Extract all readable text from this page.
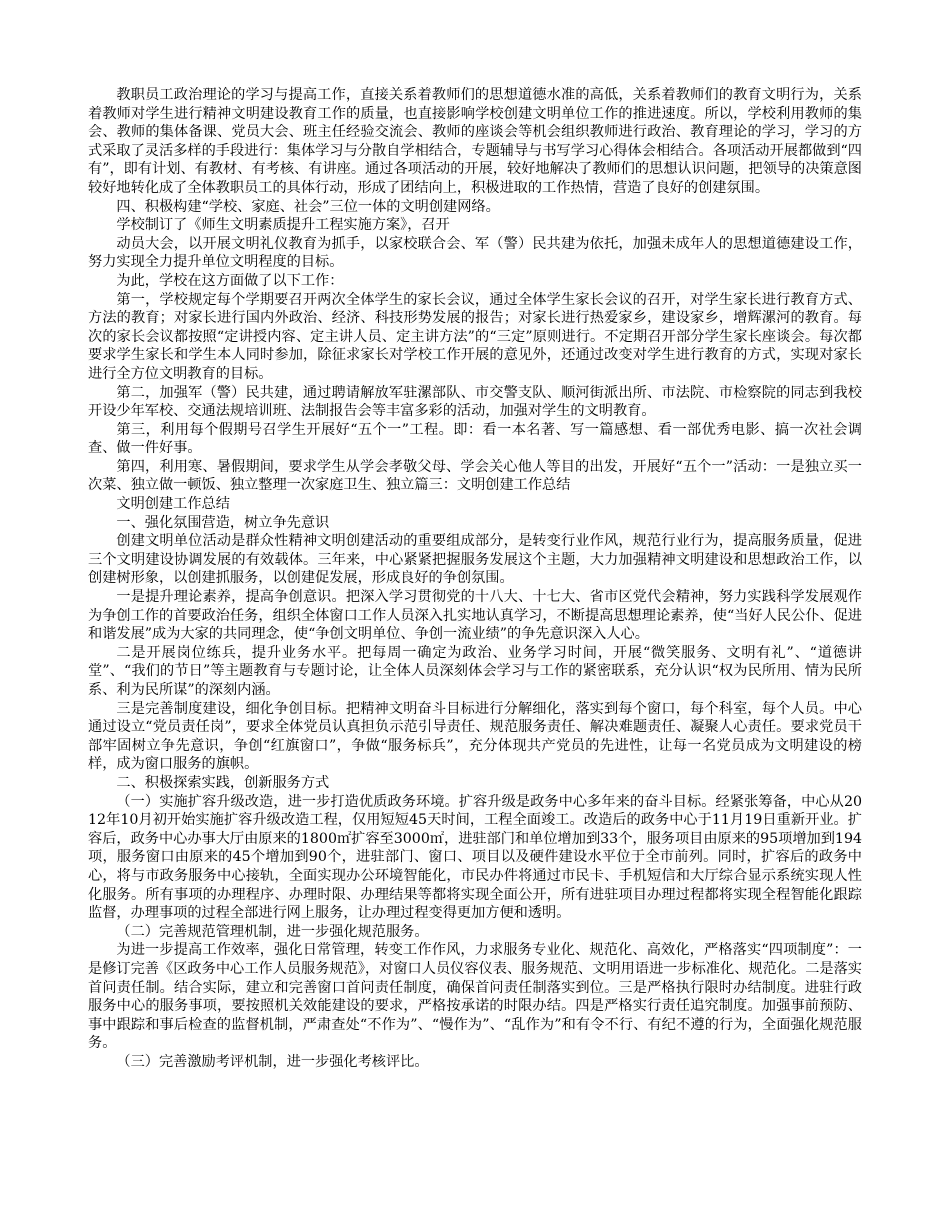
教职员工政治理论的学习与提高工作，直接关系着教师们的思想道德水准的高低，关系着教师们的教育文明行为，关系着教师对学生进行精神文明建设教育工作的质量，也直接影响学校创建文明单位工作的推进速度。所以，学校利用教师的集会、教师的集体备课、党员大会、班主任经验交流会、教师的座谈会等机会组织教师进行政治、教育理论的学习，学习的方式采取了灵活多样的手段进行：集体学习与分散自学相结合，专题辅导与书写学习心得体会相结合。各项活动开展都做到“四有”，即有计划、有教材、有考核、有讲座。通过各项活动的开展，较好地解决了教师们的思想认识问题，把领导的决策意图较好地转化成了全体教职员工的具体行动，形成了团结向上，积极进取的工作热情，营造了良好的创建氛围。

四、积极构建“学校、家庭、社会”三位一体的文明创建网络。

学校制订了《师生文明素质提升工程实施方案》，召开

动员大会，以开展文明礼仪教育为抓手，以家校联合会、军（警）民共建为依托，加强未成年人的思想道德建设工作，努力实现全力提升单位文明程度的目标。

为此，学校在这方面做了以下工作：

第一，学校规定每个学期要召开两次全体学生的家长会议，通过全体学生家长会议的召开，对学生家长进行教育方式、方法的教育；对家长进行国内外政治、经济、科技形势发展的报告；对家长进行热爱家乡，建设家乡，增辉漯河的教育。每次的家长会议都按照“定讲授内容、定主讲人员、定主讲方法”的“三定”原则进行。不定期召开部分学生家长座谈会。每次都要求学生家长和学生本人同时参加，除征求家长对学校工作开展的意见外，还通过改变对学生进行教育的方式，实现对家长进行全方位文明教育的目标。

第二，加强军（警）民共建，通过聘请解放军驻漯部队、市交警支队、顺河街派出所、市法院、市检察院的同志到我校开设少年军校、交通法规培训班、法制报告会等丰富多彩的活动，加强对学生的文明教育。

第三，利用每个假期号召学生开展好“五个一”工程。即：看一本名著、写一篇感想、看一部优秀电影、搞一次社会调查、做一件好事。

第四，利用寒、暑假期间，要求学生从学会孝敬父母、学会关心他人等目的出发，开展好“五个一”活动：一是独立买一次菜、独立做一顿饭、独立整理一次家庭卫生、独立篇三：文明创建工作总结

文明创建工作总结

一、强化氛围营造，树立争先意识

创建文明单位活动是群众性精神文明创建活动的重要组成部分，是转变行业作风，规范行业行为，提高服务质量，促进三个文明建设协调发展的有效载体。三年来，中心紧紧把握服务发展这个主题，大力加强精神文明建设和思想政治工作，以创建树形象，以创建抓服务，以创建促发展，形成良好的争创氛围。

一是提升理论素养，提高争创意识。把深入学习贯彻党的十八大、十七大、省市区党代会精神，努力实践科学发展观作为争创工作的首要政治任务，组织全体窗口工作人员深入扎实地认真学习，不断提高思想理论素养，使“当好人民公仆、促进和谐发展”成为大家的共同理念，使“争创文明单位、争创一流业绩”的争先意识深入人心。

二是开展岗位练兵，提升业务水平。把每周一确定为政治、业务学习时间，开展“微笑服务、文明有礼”、“道德讲堂”、“我们的节日”等主题教育与专题讨论，让全体人员深刻体会学习与工作的紧密联系，充分认识“权为民所用、情为民所系、利为民所谋”的深刻内涵。

三是完善制度建设，细化争创目标。把精神文明奋斗目标进行分解细化，落实到每个窗口，每个科室，每个人员。中心通过设立“党员责任岗”，要求全体党员认真担负示范引导责任、规范服务责任、解决难题责任、凝聚人心责任。要求党员干部牢固树立争先意识，争创“红旗窗口”，争做“服务标兵”，充分体现共产党员的先进性，让每一名党员成为文明建设的榜样，成为窗口服务的旗帜。

二、积极探索实践，创新服务方式

（一）实施扩容升级改造，进一步打造优质政务环境。扩容升级是政务中心多年来的奋斗目标。经紧张筹备，中心从2012年10月初开始实施扩容升级改造工程，仅用短短45天时间，工程全面竣工。改造后的政务中心于11月19日重新开业。扩容后，政务中心办事大厅由原来的1800㎡扩容至3000㎡，进驻部门和单位增加到33个，服务项目由原来的95项增加到194项，服务窗口由原来的45个增加到90个，进驻部门、窗口、项目以及硬件建设水平位于全市前列。同时，扩容后的政务中心，将与市政务服务中心接轨，全面实现办公环境智能化，市民办件将通过市民卡、手机短信和大厅综合显示系统实现人性化服务。所有事项的办理程序、办理时限、办理结果等都将实现全面公开，所有进驻项目办理过程都将实现全程智能化跟踪监督，办理事项的过程全部进行网上服务，让办理过程变得更加方便和透明。

（二）完善规范管理机制，进一步强化规范服务。

为进一步提高工作效率，强化日常管理，转变工作作风，力求服务专业化、规范化、高效化，严格落实“四项制度”：一是修订完善《区政务中心工作人员服务规范》，对窗口人员仪容仪表、服务规范、文明用语进一步标准化、规范化。二是落实首问责任制。结合实际，建立和完善窗口首问责任制度，确保首问责任制落实到位。三是严格执行限时办结制度。进驻行政服务中心的服务事项，要按照机关效能建设的要求，严格按承诺的时限办结。四是严格实行责任追究制度。加强事前预防、事中跟踪和事后检查的监督机制，严肃查处“不作为”、“慢作为”、“乱作为”和有令不行、有纪不遵的行为，全面强化规范服务。

（三）完善激励考评机制，进一步强化考核评比。
